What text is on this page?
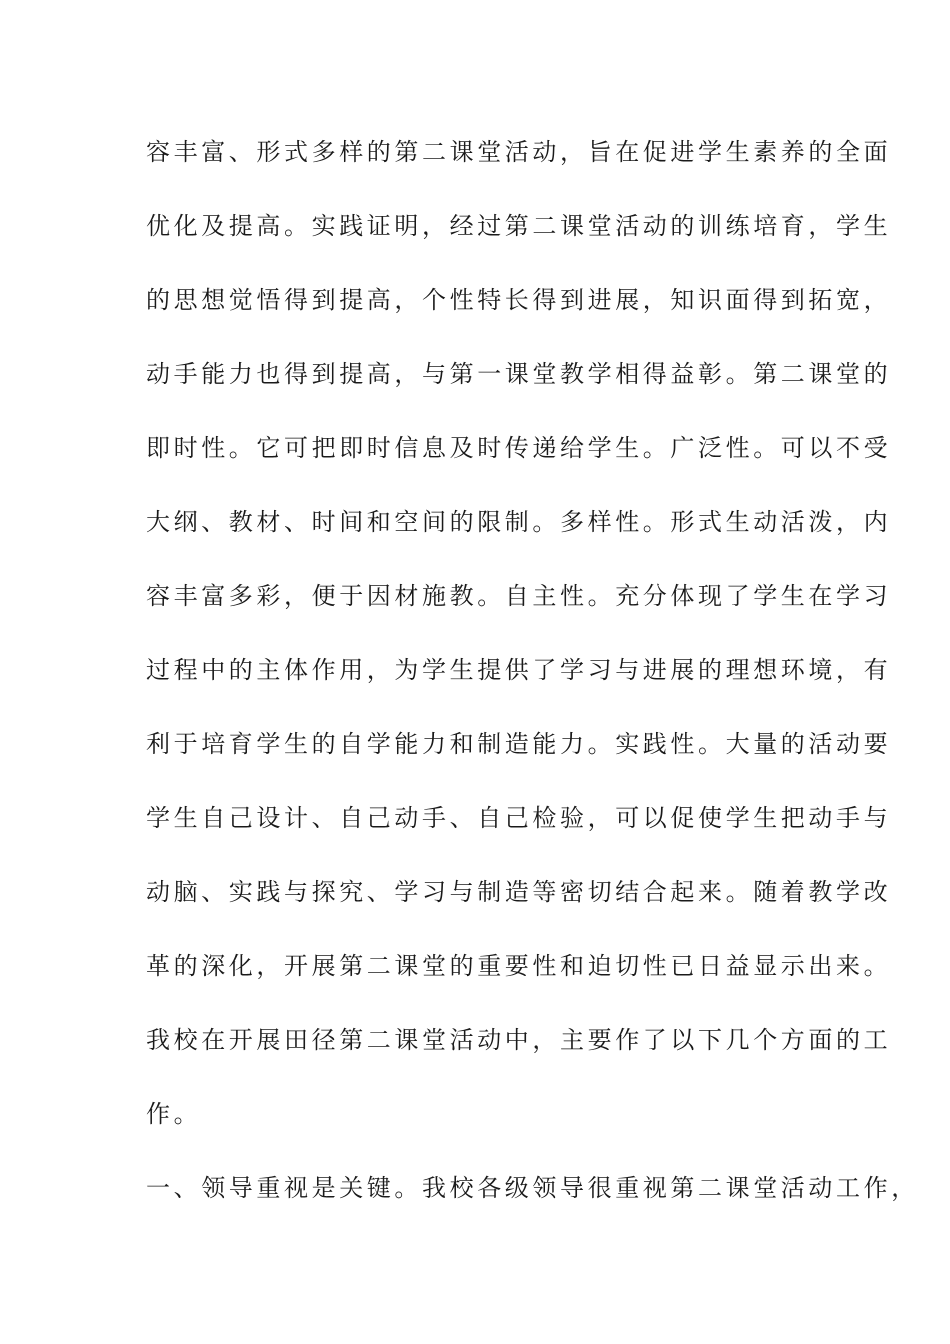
容丰富、形式多样的第二课堂活动，旨在促进学生素养的全面
优化及提高。实践证明，经过第二课堂活动的训练培育，学生
的思想觉悟得到提高，个性特长得到进展，知识面得到拓宽，
动手能力也得到提高，与第一课堂教学相得益彰。第二课堂的
即时性。它可把即时信息及时传递给学生。广泛性。可以不受
大纲、教材、时间和空间的限制。多样性。形式生动活泼，内
容丰富多彩，便于因材施教。自主性。充分体现了学生在学习
过程中的主体作用，为学生提供了学习与进展的理想环境，有
利于培育学生的自学能力和制造能力。实践性。大量的活动要
学生自己设计、自己动手、自己检验，可以促使学生把动手与
动脑、实践与探究、学习与制造等密切结合起来。随着教学改
革的深化，开展第二课堂的重要性和迫切性已日益显示出来。
我校在开展田径第二课堂活动中，主要作了以下几个方面的工
作。
一、领导重视是关键。我校各级领导很重视第二课堂活动工作，
